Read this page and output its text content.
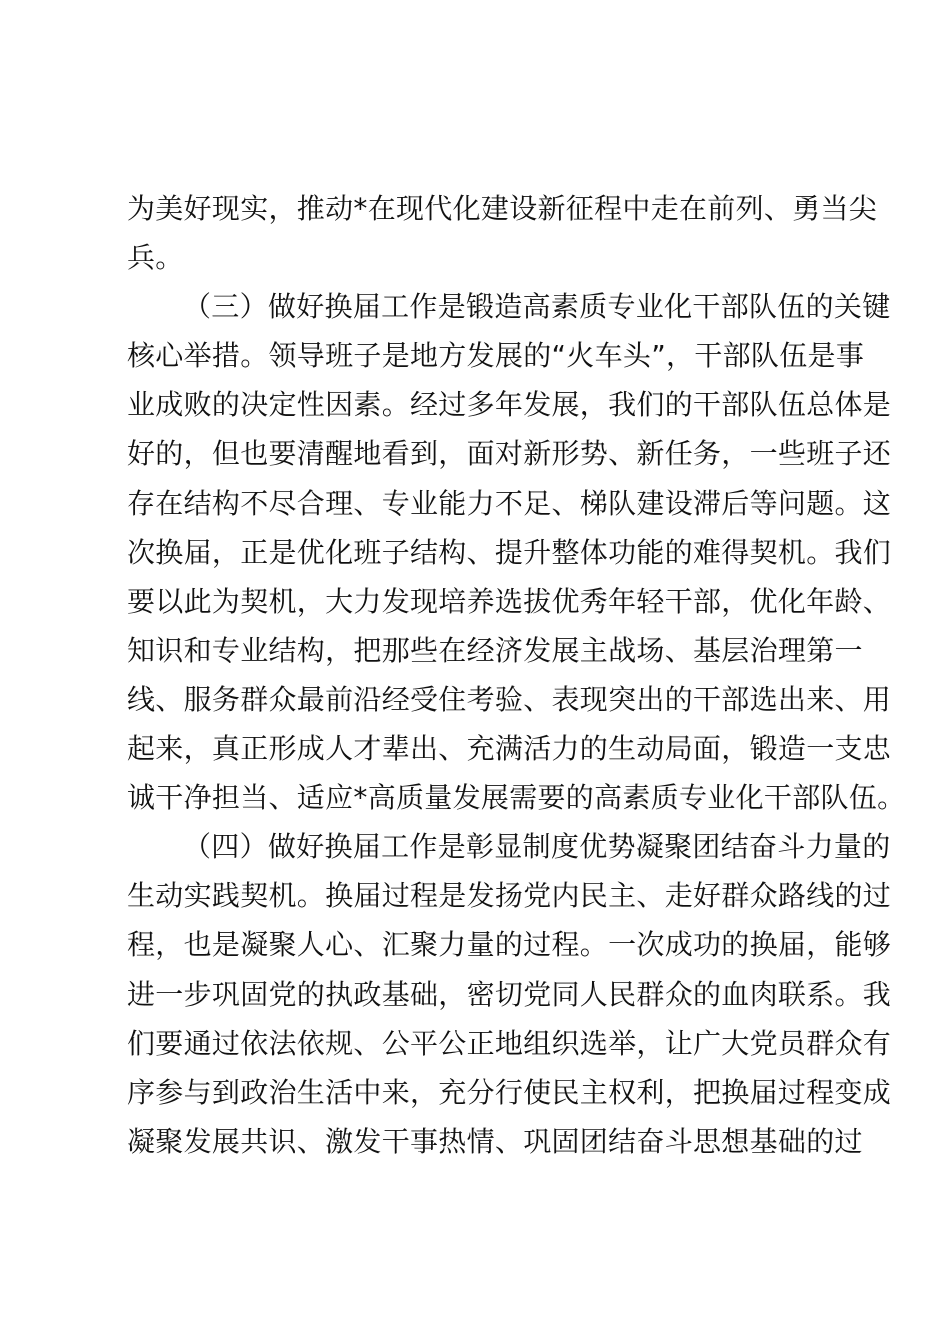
为美好现实，推动*在现代化建设新征程中走在前列、勇当尖
兵。
（三）做好换届工作是锻造高素质专业化干部队伍的关键
核心举措。领导班子是地方发展的“火车头”，干部队伍是事
业成败的决定性因素。经过多年发展，我们的干部队伍总体是
好的，但也要清醒地看到，面对新形势、新任务，一些班子还
存在结构不尽合理、专业能力不足、梯队建设滞后等问题。这
次换届，正是优化班子结构、提升整体功能的难得契机。我们
要以此为契机，大力发现培养选拔优秀年轻干部，优化年龄、
知识和专业结构，把那些在经济发展主战场、基层治理第一
线、服务群众最前沿经受住考验、表现突出的干部选出来、用
起来，真正形成人才辈出、充满活力的生动局面，锻造一支忠
诚干净担当、适应*高质量发展需要的高素质专业化干部队伍。
（四）做好换届工作是彰显制度优势凝聚团结奋斗力量的
生动实践契机。换届过程是发扬党内民主、走好群众路线的过
程，也是凝聚人心、汇聚力量的过程。一次成功的换届，能够
进一步巩固党的执政基础，密切党同人民群众的血肉联系。我
们要通过依法依规、公平公正地组织选举，让广大党员群众有
序参与到政治生活中来，充分行使民主权利，把换届过程变成
凝聚发展共识、激发干事热情、巩固团结奋斗思想基础的过
